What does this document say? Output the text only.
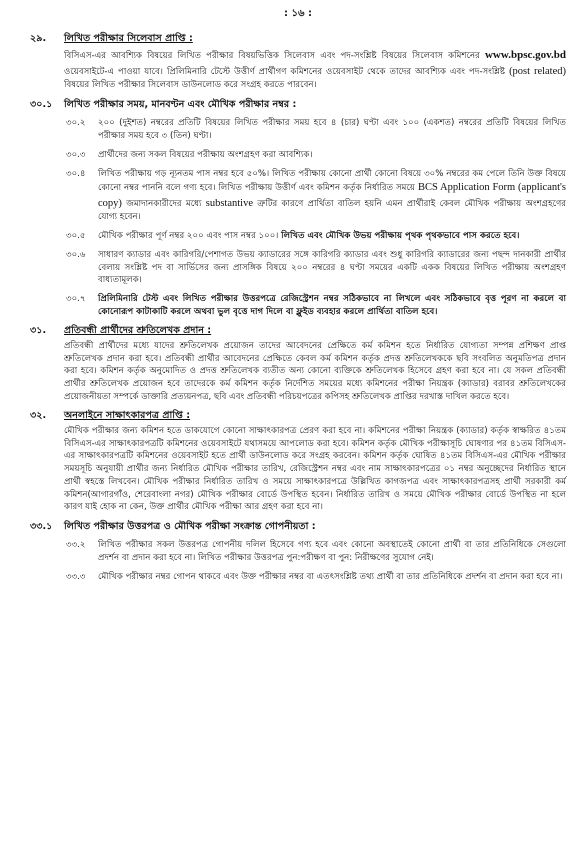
: ১৬ :
২৯.	লিখিত পরীক্ষার সিলেবাস প্রাপ্তি :
বিসিএস-এর আবশ্যিক বিষয়ের লিখিত পরীক্ষার বিষয়ভিত্তিক সিলেবাস এবং পদ-সংশ্লিষ্ট বিষয়ের সিলেবাস কমিশনের www.bpsc.gov.bd ওয়েবসাইটে-এ পাওয়া যাবে। প্রিলিমিনারি টেস্টে উত্তীর্ণ প্রার্থীগণ কমিশনের ওয়েবসাইট থেকে তাদের আবশ্যিক এবং পদ-সংশ্লিষ্ট (post related) বিষয়ের লিখিত পরীক্ষার সিলেবাস ডাউনলোড করে সংগ্রহ করতে পারবেন।
৩০.১	লিখিত পরীক্ষার সময়, মানবণ্টন এবং মৌখিক পরীক্ষার নম্বর :
৩০.২	২০০ (দুইশত) নম্বরের প্রতিটি বিষয়ের লিখিত পরীক্ষার সময় হবে ৪ (চার) ঘণ্টা এবং ১০০ (একশত) নম্বরের প্রতিটি বিষয়ের লিখিত পরীক্ষার সময় হবে ৩ (তিন) ঘণ্টা।
৩০.৩	প্রার্থীদের জন্য সকল বিষয়ের পরীক্ষায় অংশগ্রহণ করা আবশ্যিক।
৩০.৪	লিখিত পরীক্ষায় গড় ন্যূনতম পাস নম্বর হবে ৫০%। লিখিত পরীক্ষায় কোনো প্রার্থী কোনো বিষয়ে ৩০% নম্বরের কম পেলে তিনি উক্ত বিষয়ে কোনো নম্বর পাননি বলে গণ্য হবে। লিখিত পরীক্ষায় উত্তীর্ণ এবং কমিশন কর্তৃক নির্ধারিত সময়ে BCS Application Form (applicant's copy) জমাদানকারীদের মধ্যে substantive ত্রুটির কারণে প্রার্থিতা বাতিল হয়নি এমন প্রার্থীরাই কেবল মৌখিক পরীক্ষায় অংশগ্রহণের যোগ্য হবেন।
৩০.৫	মৌখিক পরীক্ষার পূর্ণ নম্বর ২০০ এবং পাস নম্বর ১০০। লিখিত এবং মৌখিক উভয় পরীক্ষায় পৃথক পৃথকভাবে পাস করতে হবে।
৩০.৬	সাধারণ ক্যাডার এবং কারিগরি/পেশাগত উভয় ক্যাডারের সঙ্গে কারিগরি ক্যাডার এবং শুধু কারিগরি ক্যাডারের জন্য পছন্দ দানকারী প্রার্থীর বেলায় সংশ্লিষ্ট পদ বা সার্ভিসের জন্য প্রাসঙ্গিক বিষয়ে ২০০ নম্বরের ৪ ঘণ্টা সময়ের একটি একক বিষয়ের লিখিত পরীক্ষায় অংশগ্রহণ বাধ্যতামূলক।
৩০.৭	প্রিলিমিনারি টেস্ট এবং লিখিত পরীক্ষার উত্তরপত্রে রেজিস্ট্রেশন নম্বর সঠিকভাবে না লিখলে এবং সঠিকভাবে বৃত্ত পূরণ না করলে বা কোনোরূপ কাটাকাটি করলে অথবা ভুল বৃত্তে দাগ দিলে বা ফ্লুইড ব্যবহার করলে প্রার্থিতা বাতিল হবে।
৩১.	প্রতিবন্ধী প্রার্থীদের শ্রুতিলেখক প্রদান :
প্রতিবন্ধী প্রার্থীদের মধ্যে যাদের শ্রুতিলেখক প্রয়োজন তাদের আবেদনের প্রেক্ষিতে কর্ম কমিশন হতে নির্ধারিত যোগ্যতা সম্পন্ন প্রশিক্ষণ প্রাপ্ত শ্রুতিলেখক প্রদান করা হবে। প্রতিবন্ধী প্রার্থীর আবেদনের প্রেক্ষিতে কেবল কর্ম কমিশন কর্তৃক প্রদত্ত শ্রুতিলেখককে ছবি সংবলিত অনুমতিপত্র প্রদান করা হবে। কমিশন কর্তৃক অনুমোদিত ও প্রদত্ত শ্রুতিলেখক ব্যতীত অন্য কোনো ব্যক্তিকে শ্রুতিলেখক হিসেবে গ্রহণ করা হবে না। যে সকল প্রতিবন্ধী প্রার্থীর শ্রুতিলেখক প্রয়োজন হবে তাদেরকে কর্ম কমিশন কর্তৃক নির্দেশিত সময়ের মধ্যে কমিশনের পরীক্ষা নিয়ন্ত্রক (ক্যাডার) বরাবর শ্রুতিলেখকের প্রয়োজনীয়তা সম্পর্কে ডাক্তারি প্রত্যয়নপত্র, ছবি এবং প্রতিবন্ধী পরিচয়পত্রের কপিসহ শ্রুতিলেখক প্রাপ্তির দরখাস্ত দাখিল করতে হবে।
৩২.	অনলাইনে সাক্ষাৎকারপত্র প্রাপ্তি :
মৌখিক পরীক্ষার জন্য কমিশন হতে ডাকযোগে কোনো সাক্ষাৎকারপত্র প্রেরণ করা হবে না। কমিশনের পরীক্ষা নিয়ন্ত্রক (ক্যাডার) কর্তৃক স্বাক্ষরিত ৪১তম বিসিএস-এর সাক্ষাৎকারপত্রটি কমিশনের ওয়েবসাইটে যথাসময়ে আপলোড করা হবে। কমিশন কর্তৃক মৌখিক পরীক্ষাসূচি ঘোষণার পর ৪১তম বিসিএস-এর সাক্ষাৎকারপত্রটি কমিশনের ওয়েবসাইট হতে প্রার্থী ডাউনলোড করে সংগ্রহ করবেন। কমিশন কর্তৃক ঘোষিত ৪১তম বিসিএস-এর মৌখিক পরীক্ষার সময়সূচি অনুযায়ী প্রার্থীর জন্য নির্ধারিত মৌখিক পরীক্ষার তারিখ, রেজিস্ট্রেশন নম্বর এবং নাম সাক্ষাৎকারপত্রের ০১ নম্বর অনুচ্ছেদের নির্ধারিত স্থানে প্রার্থী স্বহস্তে লিখবেন। মৌখিক পরীক্ষার নির্ধারিত তারিখ ও সময়ে সাক্ষাৎকারপত্রে উল্লিখিত কাগজপত্র এবং সাক্ষাৎকারপত্রসহ প্রার্থী সরকারী কর্ম কমিশন(আগারগাঁও, শেরেবাংলা নগর) মৌখিক পরীক্ষার বোর্ডে উপস্থিত হবেন। নির্ধারিত তারিখ ও সময়ে মৌখিক পরীক্ষার বোর্ডে উপস্থিত না হলে কারণ যাই হোক না কেন, উক্ত প্রার্থীর মৌখিক পরীক্ষা আর গ্রহণ করা হবে না।
৩৩.১	লিখিত পরীক্ষার উত্তরপত্র ও মৌখিক পরীক্ষা সংক্রান্ত গোপনীয়তা :
৩৩.২	লিখিত পরীক্ষার সকল উত্তরপত্র গোপনীয় দলিল হিসেবে গণ্য হবে এবং কোনো অবস্থাতেই কোনো প্রার্থী বা তার প্রতিনিধিকে সেগুলো প্রদর্শন বা প্রদান করা হবে না। লিখিত পরীক্ষার উত্তরপত্র পুন:পরীক্ষণ বা পুন: নিরীক্ষণের সুযোগ নেই।
৩৩.৩	মৌখিক পরীক্ষার নম্বর গোপন থাকবে এবং উক্ত পরীক্ষার নম্বর বা এতৎসংশ্লিষ্ট তথ্য প্রার্থী বা তার প্রতিনিধিকে প্রদর্শন বা প্রদান করা হবে না।
